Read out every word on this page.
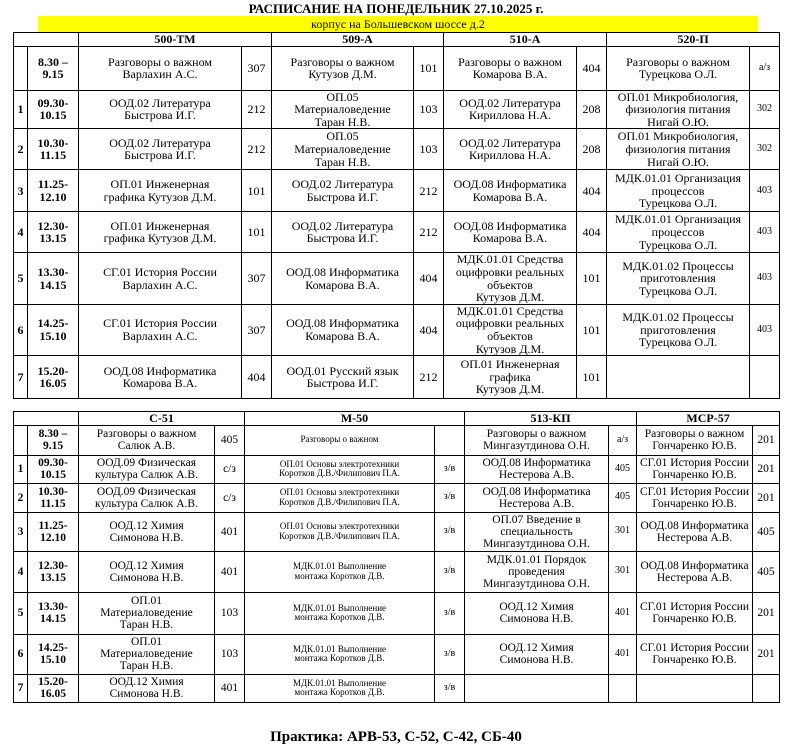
РАСПИСАНИЕ НА ПОНЕДЕЛЬНИК 27.10.2025 г.
корпус на Большевском шоссе д.2
		500-ТМ		509-А		510-А		520-П	
	8.30 –
9.15	Разговоры о важном
Варлахин А.С.	307	Разговоры о важном
Кутузов Д.М.	101	Разговоры о важном
Комарова В.А.	404	Разговоры о важном
Турецкова О.Л.	а/з
1	09.30-
10.15	ООД.02 Литература
Быстрова И.Г.	212	ОП.05
Материаловедение
Таран Н.В.	103	ООД.02 Литература
Кириллова Н.А.	208	ОП.01 Микробиология,
физиология питания
Нигай О.Ю.	302
2	10.30-
11.15	ООД.02 Литература
Быстрова И.Г.	212	ОП.05
Материаловедение
Таран Н.В.	103	ООД.02 Литература
Кириллова Н.А.	208	ОП.01 Микробиология,
физиология питания
Нигай О.Ю.	302
3	11.25-
12.10	ОП.01 Инженерная
графика Кутузов Д.М.	101	ООД.02 Литература
Быстрова И.Г.	212	ООД.08 Информатика
Комарова В.А.	404	МДК.01.01 Организация
процессов
Турецкова О.Л.	403
4	12.30-
13.15	ОП.01 Инженерная
графика Кутузов Д.М.	101	ООД.02 Литература
Быстрова И.Г.	212	ООД.08 Информатика
Комарова В.А.	404	МДК.01.01 Организация
процессов
Турецкова О.Л.	403
5	13.30-
14.15	СГ.01 История России
Варлахин А.С.	307	ООД.08 Информатика
Комарова В.А.	404	МДК.01.01 Средства
оцифровки реальных
объектов
Кутузов Д.М.	101	МДК.01.02 Процессы
приготовления
Турецкова О.Л.	403
6	14.25-
15.10	СГ.01 История России
Варлахин А.С.	307	ООД.08 Информатика
Комарова В.А.	404	МДК.01.01 Средства
оцифровки реальных
объектов
Кутузов Д.М.	101	МДК.01.02 Процессы
приготовления
Турецкова О.Л.	403
7	15.20-
16.05	ООД.08 Информатика
Комарова В.А.	404	ООД.01 Русский язык
Быстрова И.Г.	212	ОП.01 Инженерная
графика
Кутузов Д.М.	101		
		С-51		М-50		513-КП		МСР-57	
	8.30 –
9.15	Разговоры о важном
Салюк А.В.	405	Разговоры о важном		Разговоры о важном
Мингазутдинова О.Н.	а/з	Разговоры о важном
Гончаренко Ю.В.	201
1	09.30-
10.15	ООД.09 Физическая
культура Салюк А.В.	с/з	ОП.01 Основы электротехники
Коротков Д.В./Филипович П.А.	з/в	ООД.08 Информатика
Нестерова А.В.	405	СГ.01 История России
Гончаренко Ю.В.	201
2	10.30-
11.15	ООД.09 Физическая
культура Салюк А.В.	с/з	ОП.01 Основы электротехники
Коротков Д.В./Филипович П.А.	з/в	ООД.08 Информатика
Нестерова А.В.	405	СГ.01 История России
Гончаренко Ю.В.	201
3	11.25-
12.10	ООД.12 Химия
Симонова Н.В.	401	ОП.01 Основы электротехники
Коротков Д.В./Филипович П.А.	з/в	ОП.07 Введение в
специальность
Мингазутдинова О.Н.	301	ООД.08 Информатика
Нестерова А.В.	405
4	12.30-
13.15	ООД.12 Химия
Симонова Н.В.	401	МДК.01.01 Выполнение
монтажа Коротков Д.В.	з/в	МДК.01.01 Порядок
проведения
Мингазутдинова О.Н.	301	ООД.08 Информатика
Нестерова А.В.	405
5	13.30-
14.15	ОП.01
Материаловедение
Таран Н.В.	103	МДК.01.01 Выполнение
монтажа Коротков Д.В.	з/в	ООД.12 Химия
Симонова Н.В.	401	СГ.01 История России
Гончаренко Ю.В.	201
6	14.25-
15.10	ОП.01
Материаловедение
Таран Н.В.	103	МДК.01.01 Выполнение
монтажа Коротков Д.В.	з/в	ООД.12 Химия
Симонова Н.В.	401	СГ.01 История России
Гончаренко Ю.В.	201
7	15.20-
16.05	ООД.12 Химия
Симонова Н.В.	401	МДК.01.01 Выполнение
монтажа Коротков Д.В.	з/в				
Практика: АРВ-53, С-52, С-42, СБ-40
